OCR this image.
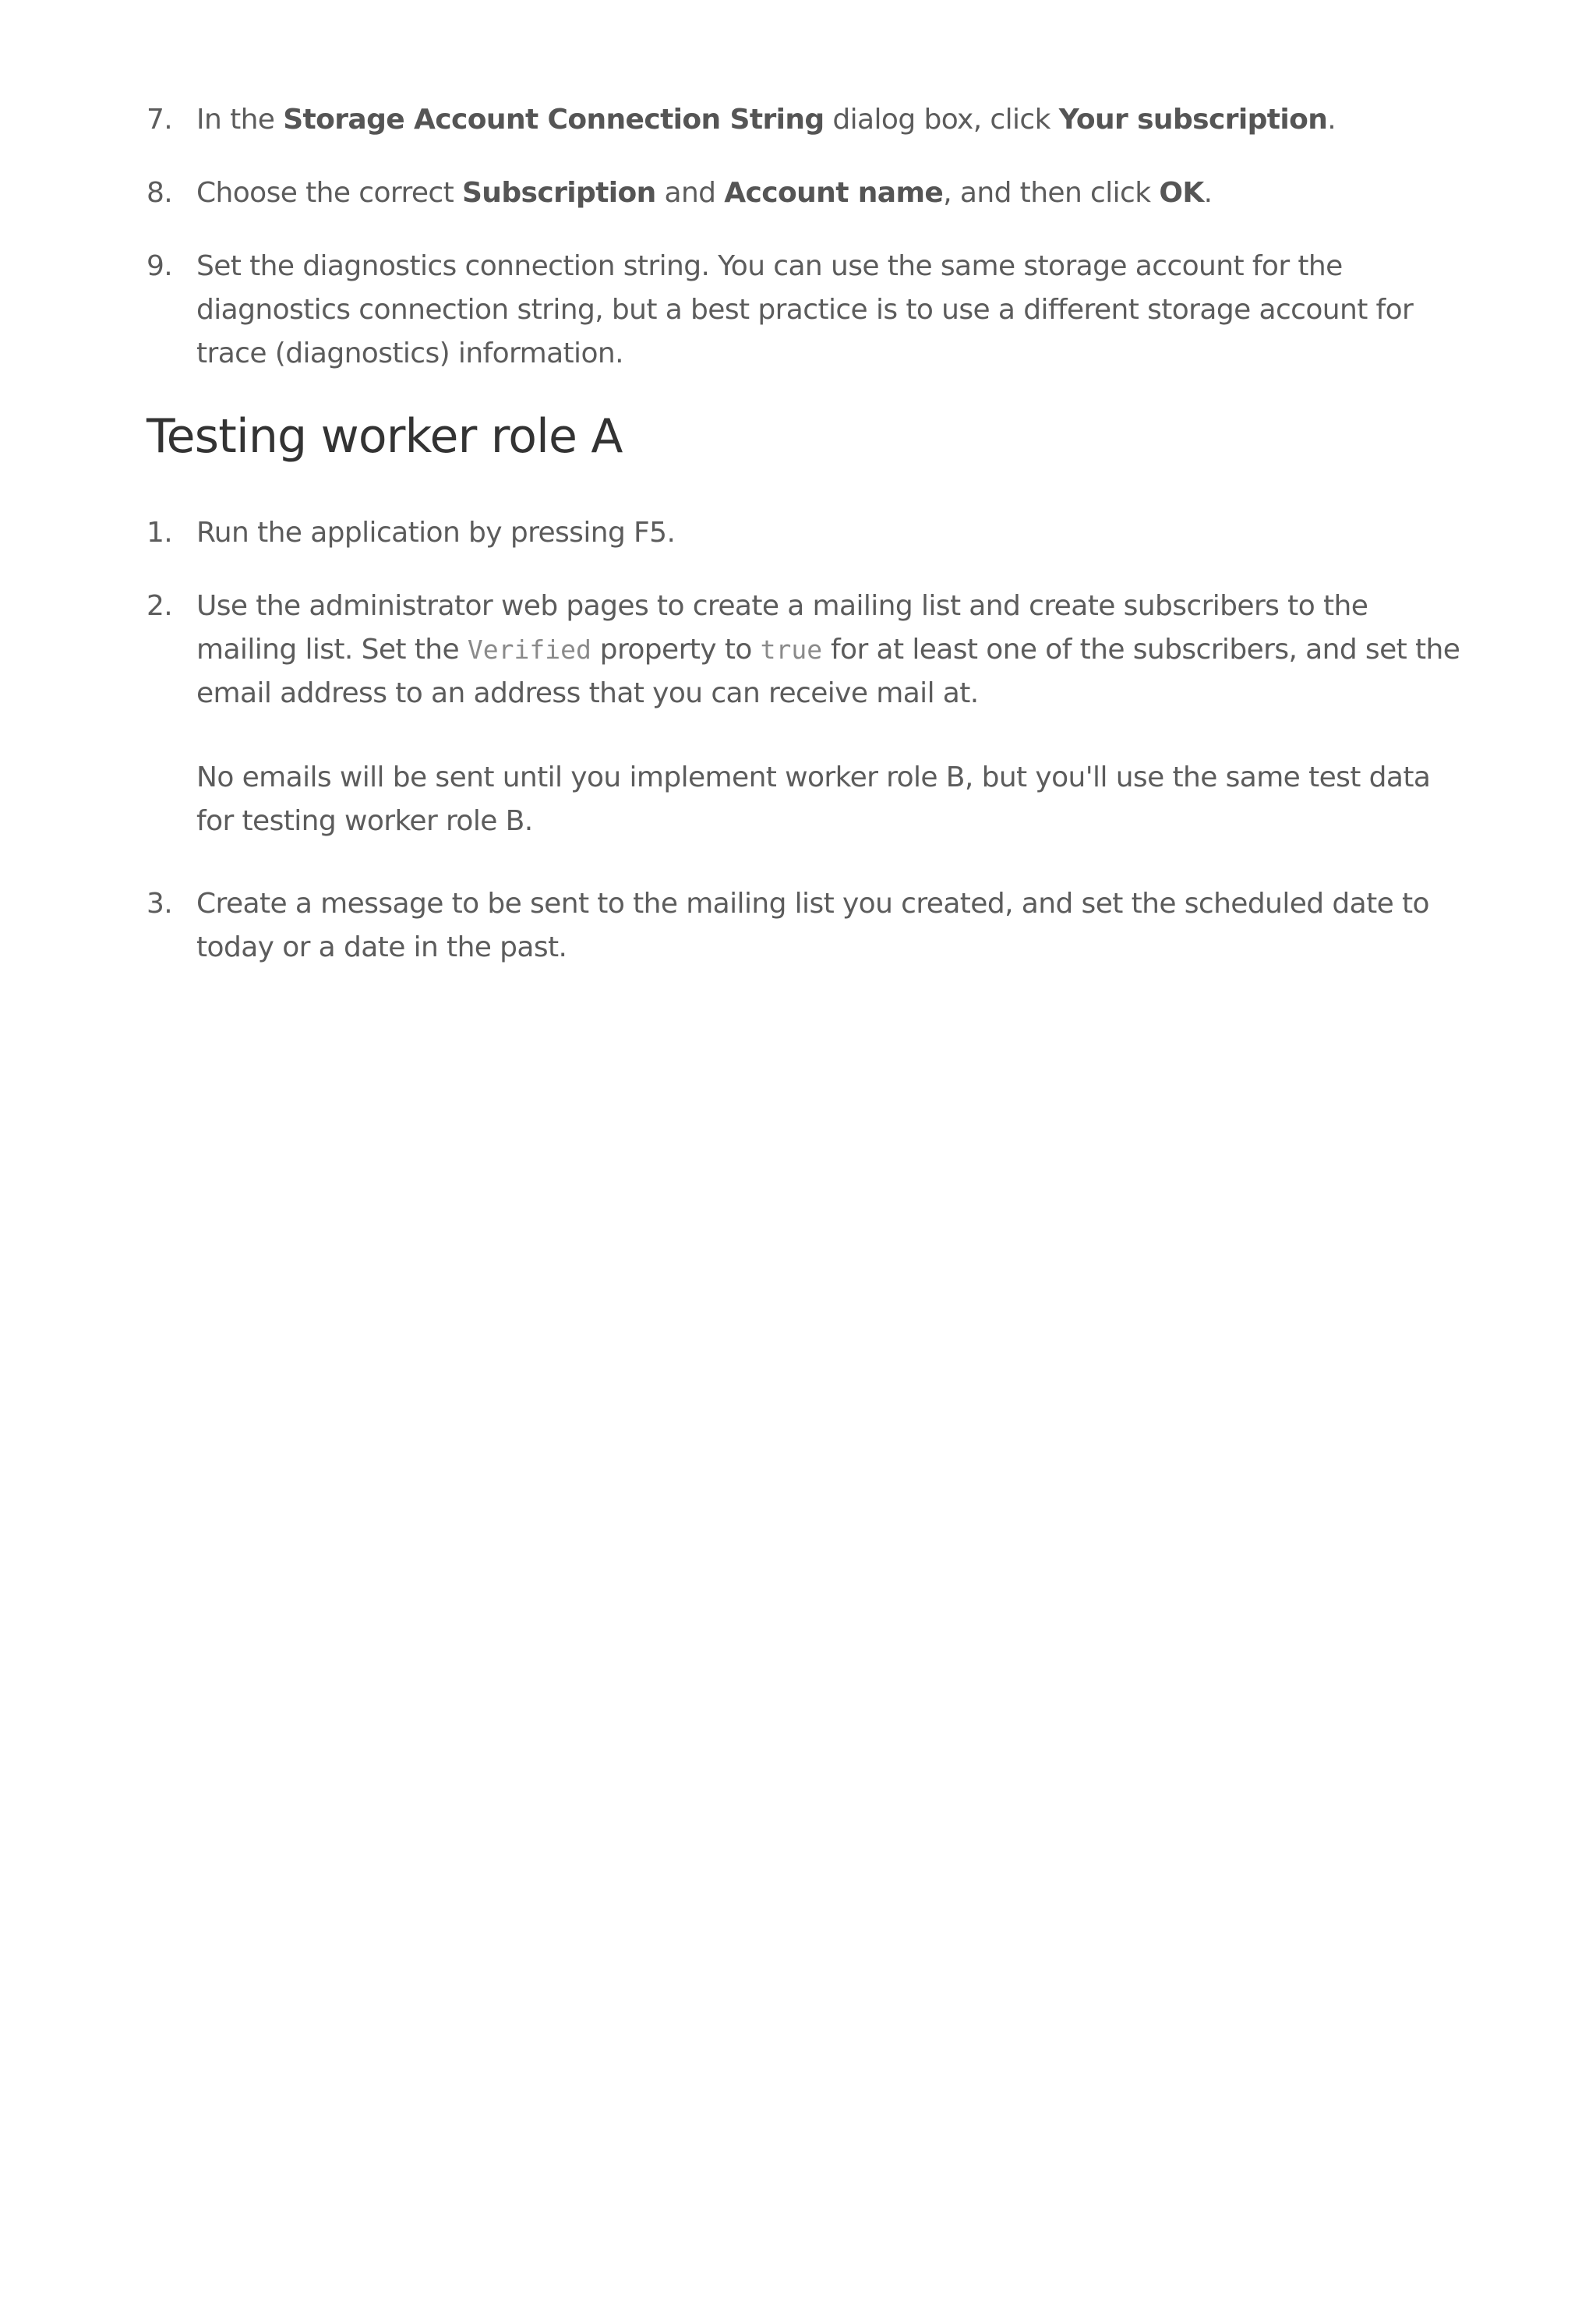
7. In the Storage Account Connection String dialog box, click Your subscription.
8. Choose the correct Subscription and Account name, and then click OK.
9. Set the diagnostics connection string. You can use the same storage account for the diagnostics connection string, but a best practice is to use a different storage account for trace (diagnostics) information.
Testing worker role A
1. Run the application by pressing F5.
2. Use the administrator web pages to create a mailing list and create subscribers to the mailing list. Set the Verified property to true for at least one of the subscribers, and set the email address to an address that you can receive mail at.
No emails will be sent until you implement worker role B, but you'll use the same test data for testing worker role B.
3. Create a message to be sent to the mailing list you created, and set the scheduled date to today or a date in the past.
